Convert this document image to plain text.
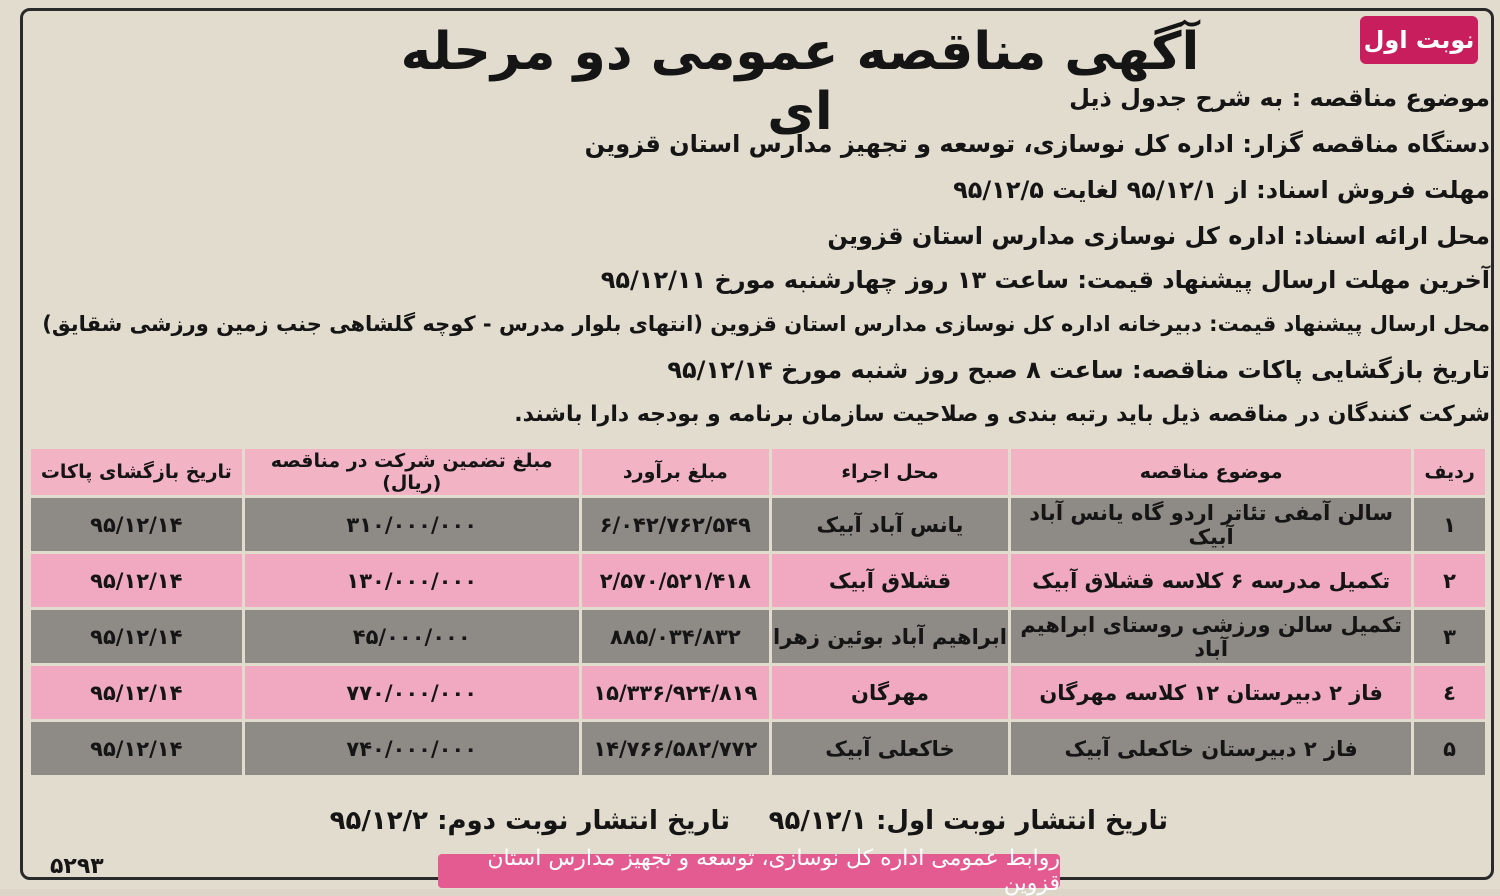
نوبت اول
آگهی مناقصه عمومی دو مرحله ای	موضوع مناقصه : به شرح جدول ذیل
دستگاه مناقصه گزار: اداره کل نوسازی، توسعه و تجهیز مدارس استان قزوین
مهلت فروش اسناد: از ۹۵/۱۲/۱ لغایت ۹۵/۱۲/۵
محل ارائه اسناد: اداره کل نوسازی مدارس استان قزوین
آخرین مهلت ارسال پیشنهاد قیمت: ساعت ۱۳ روز چهارشنبه مورخ ۹۵/۱۲/۱۱
محل ارسال پیشنهاد قیمت: دبیرخانه اداره کل نوسازی مدارس استان قزوین (انتهای بلوار مدرس - کوچه گلشاهی جنب زمین ورزشی شقایق)
تاریخ بازگشایی پاکات مناقصه: ساعت ۸ صبح روز شنبه مورخ ۹۵/۱۲/۱۴
شرکت کنندگان در مناقصه ذیل باید رتبه بندی و صلاحیت سازمان برنامه و بودجه دارا باشند.
ردیف	موضوع مناقصه	محل اجراء	مبلغ برآورد	مبلغ تضمین شرکت در مناقصه (ریال)	تاریخ بازگشای پاکات
۱	سالن آمفی تئاتر اردو گاه یانس آباد آبیک	یانس آباد آبیک	۶/۰۴۲/۷۶۲/۵۴۹	۳۱۰/۰۰۰/۰۰۰	۹۵/۱۲/۱۴
۲	تکمیل مدرسه ۶ کلاسه قشلاق آبیک	قشلاق آبیک	۲/۵۷۰/۵۲۱/۴۱۸	۱۳۰/۰۰۰/۰۰۰	۹۵/۱۲/۱۴
۳	تکمیل سالن ورزشی روستای ابراهیم آباد	ابراهیم آباد بوئین زهرا	۸۸۵/۰۳۴/۸۳۲	۴۵/۰۰۰/۰۰۰	۹۵/۱۲/۱۴
٤	فاز ۲ دبیرستان ۱۲ کلاسه مهرگان	مهرگان	۱۵/۳۳۶/۹۲۴/۸۱۹	۷۷۰/۰۰۰/۰۰۰	۹۵/۱۲/۱۴
۵	فاز ۲ دبیرستان خاکعلی آبیک	خاکعلی آبیک	۱۴/۷۶۶/۵۸۲/۷۷۲	۷۴۰/۰۰۰/۰۰۰	۹۵/۱۲/۱۴
تاریخ انتشار نوبت اول: ۹۵/۱۲/۱
تاریخ انتشار نوبت دوم: ۹۵/۱۲/۲
۵۲۹۳	روابط عمومی اداره کل نوسازی، توسعه و تجهیز مدارس استان قزوین
